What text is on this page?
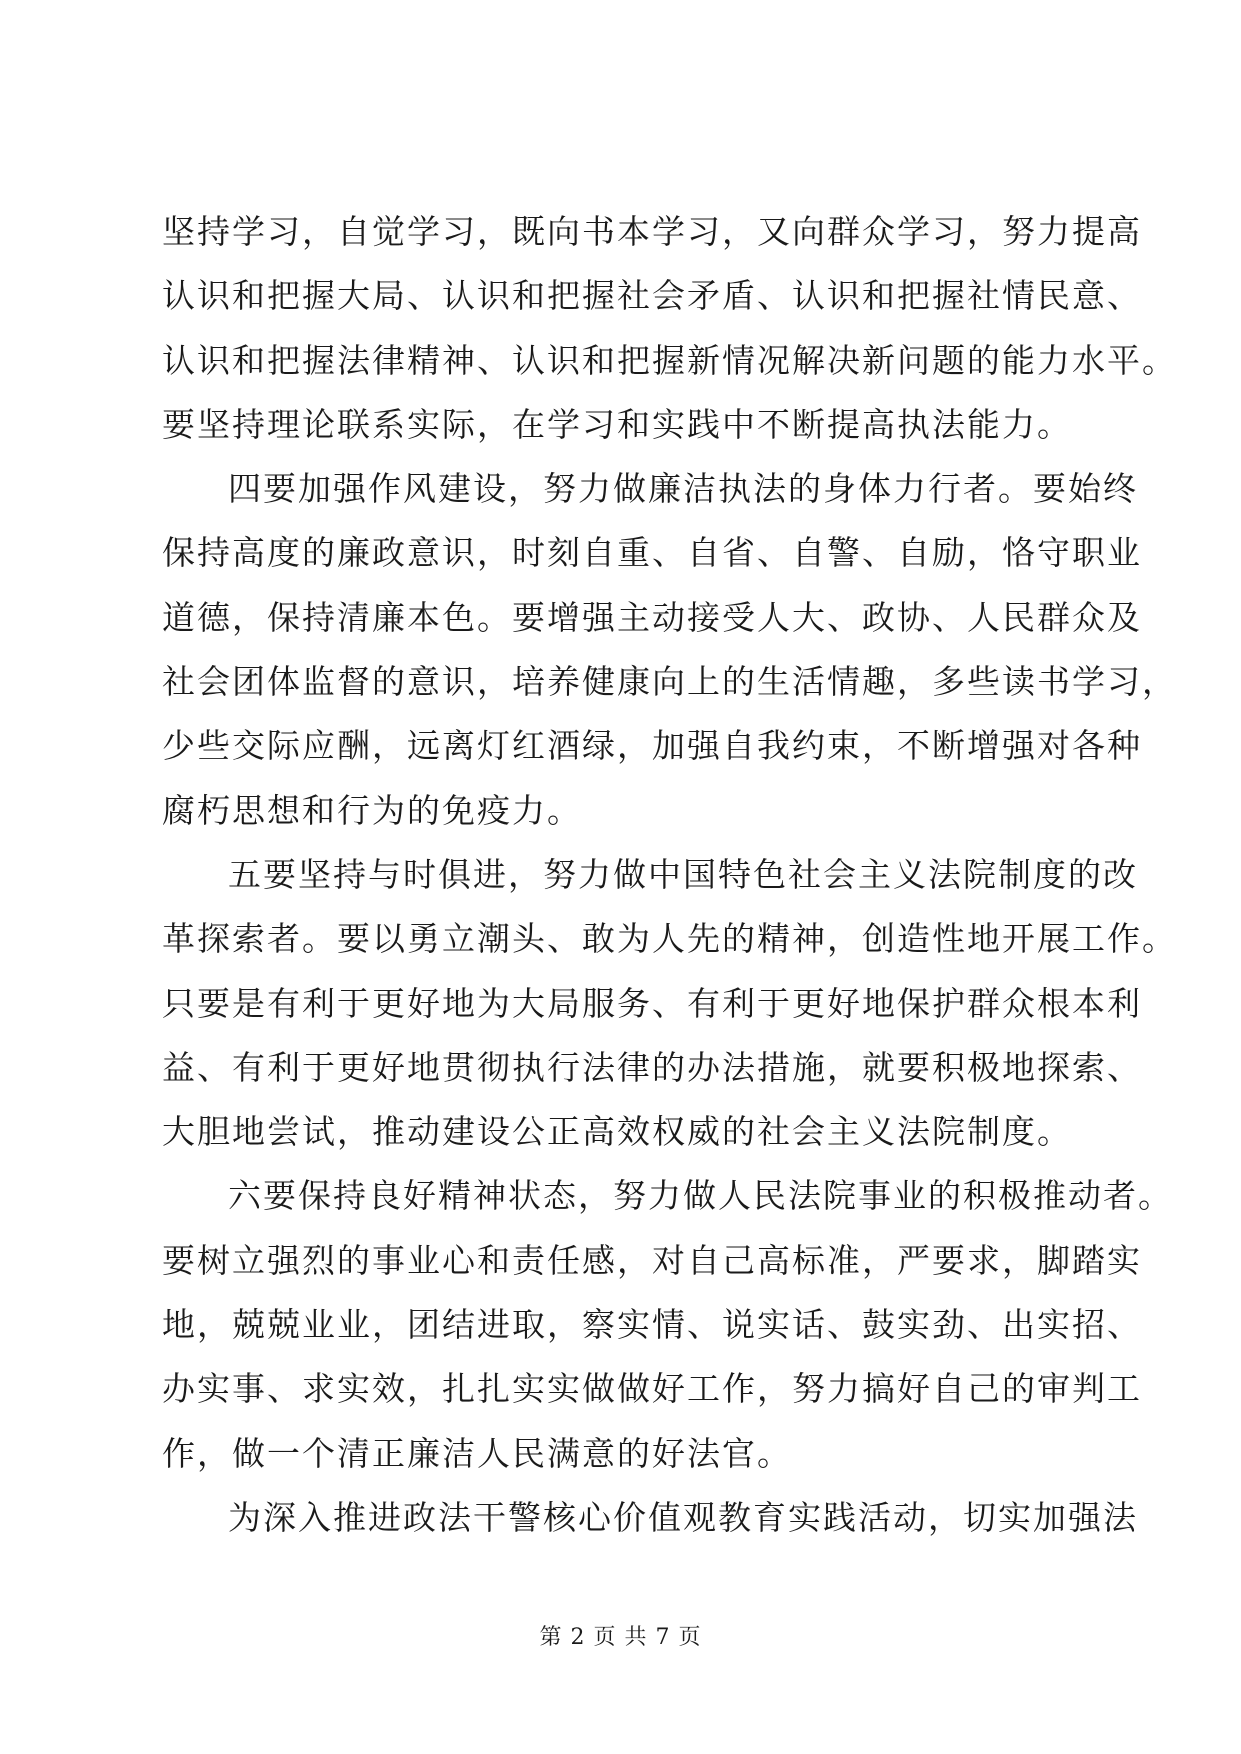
坚持学习，自觉学习，既向书本学习，又向群众学习，努力提高
认识和把握大局、认识和把握社会矛盾、认识和把握社情民意、
认识和把握法律精神、认识和把握新情况解决新问题的能力水平。
要坚持理论联系实际，在学习和实践中不断提高执法能力。
四要加强作风建设，努力做廉洁执法的身体力行者。要始终
保持高度的廉政意识，时刻自重、自省、自警、自励，恪守职业
道德，保持清廉本色。要增强主动接受人大、政协、人民群众及
社会团体监督的意识，培养健康向上的生活情趣，多些读书学习，
少些交际应酬，远离灯红酒绿，加强自我约束，不断增强对各种
腐朽思想和行为的免疫力。
五要坚持与时俱进，努力做中国特色社会主义法院制度的改
革探索者。要以勇立潮头、敢为人先的精神，创造性地开展工作。
只要是有利于更好地为大局服务、有利于更好地保护群众根本利
益、有利于更好地贯彻执行法律的办法措施，就要积极地探索、
大胆地尝试，推动建设公正高效权威的社会主义法院制度。
六要保持良好精神状态，努力做人民法院事业的积极推动者。
要树立强烈的事业心和责任感，对自己高标准，严要求，脚踏实
地，兢兢业业，团结进取，察实情、说实话、鼓实劲、出实招、
办实事、求实效，扎扎实实做做好工作，努力搞好自己的审判工
作，做一个清正廉洁人民满意的好法官。
为深入推进政法干警核心价值观教育实践活动，切实加强法
第 2 页 共 7 页
